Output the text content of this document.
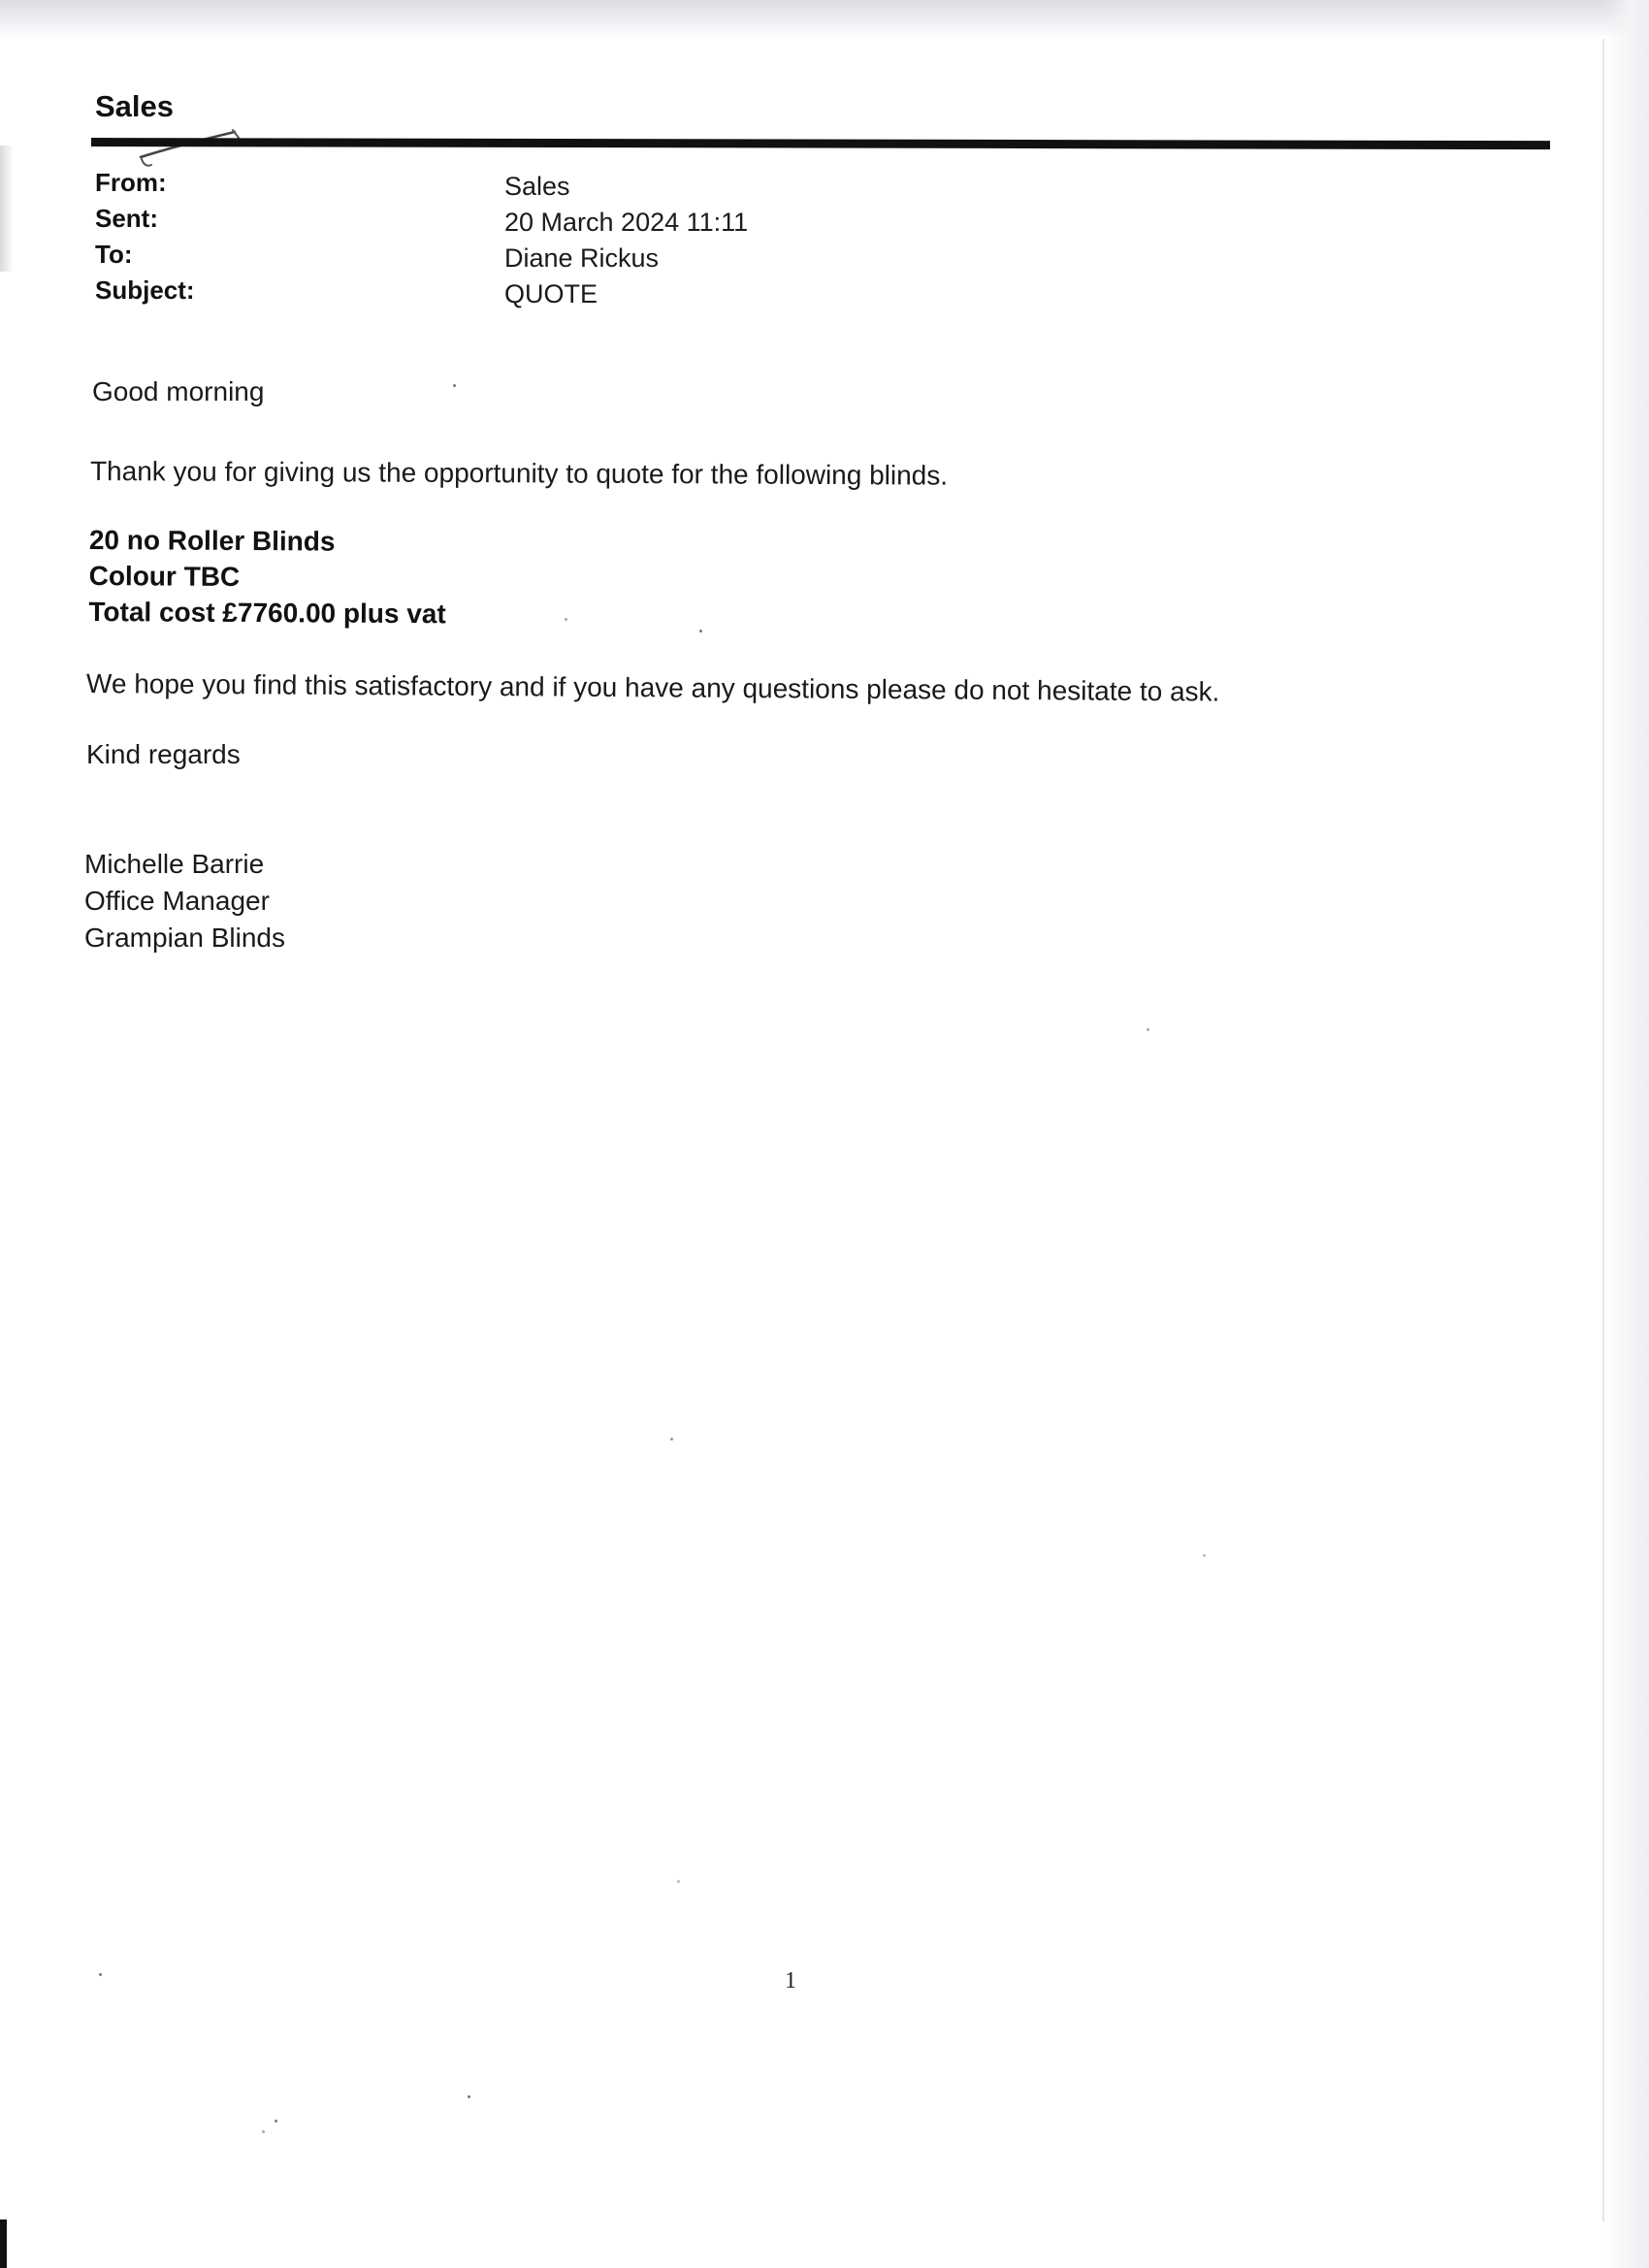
Sales
From:
Sent:
To:
Subject:
Sales
20 March 2024 11:11
Diane Rickus
QUOTE
Good morning
Thank you for giving us the opportunity to quote for the following blinds.
20 no Roller Blinds
Colour TBC
Total cost £7760.00 plus vat
We hope you find this satisfactory and if you have any questions please do not hesitate to ask.
Kind regards
Michelle Barrie
Office Manager
Grampian Blinds
1
